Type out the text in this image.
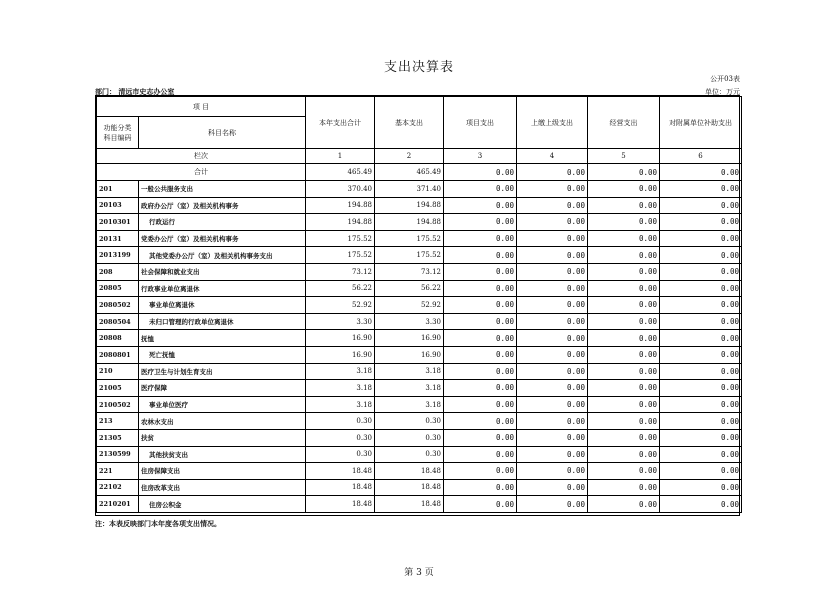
支出决算表
公开03表
部门： 清远市史志办公室	单位：万元
项 目		本年支出合计	基本支出	项目支出	上缴上级支出	经营支出	对附属单位补助支出

功能分类
科目编码	科目名称						
栏次		1	2	3	4	5	6
合计		465.49	465.49	0.00	0.00	0.00	0.00
201	一般公共服务支出	370.40	371.40	0.00	0.00	0.00	0.00
20103	政府办公厅（室）及相关机构事务	194.88	194.88	0.00	0.00	0.00	0.00
2010301	行政运行	194.88	194.88	0.00	0.00	0.00	0.00
20131	党委办公厅（室）及相关机构事务	175.52	175.52	0.00	0.00	0.00	0.00
2013199	其他党委办公厅（室）及相关机构事务支出	175.52	175.52	0.00	0.00	0.00	0.00
208	社会保障和就业支出	73.12	73.12	0.00	0.00	0.00	0.00
20805	行政事业单位离退休	56.22	56.22	0.00	0.00	0.00	0.00
2080502	事业单位离退休	52.92	52.92	0.00	0.00	0.00	0.00
2080504	未归口管理的行政单位离退休	3.30	3.30	0.00	0.00	0.00	0.00
20808	抚恤	16.90	16.90	0.00	0.00	0.00	0.00
2080801	死亡抚恤	16.90	16.90	0.00	0.00	0.00	0.00
210	医疗卫生与计划生育支出	3.18	3.18	0.00	0.00	0.00	0.00
21005	医疗保障	3.18	3.18	0.00	0.00	0.00	0.00
2100502	事业单位医疗	3.18	3.18	0.00	0.00	0.00	0.00
213	农林水支出	0.30	0.30	0.00	0.00	0.00	0.00
21305	扶贫	0.30	0.30	0.00	0.00	0.00	0.00
2130599	其他扶贫支出	0.30	0.30	0.00	0.00	0.00	0.00
221	住房保障支出	18.48	18.48	0.00	0.00	0.00	0.00
22102	住房改革支出	18.48	18.48	0.00	0.00	0.00	0.00
2210201	住房公积金	18.48	18.48	0.00	0.00	0.00	0.00
注：本表反映部门本年度各项支出情况。
第 3 页
